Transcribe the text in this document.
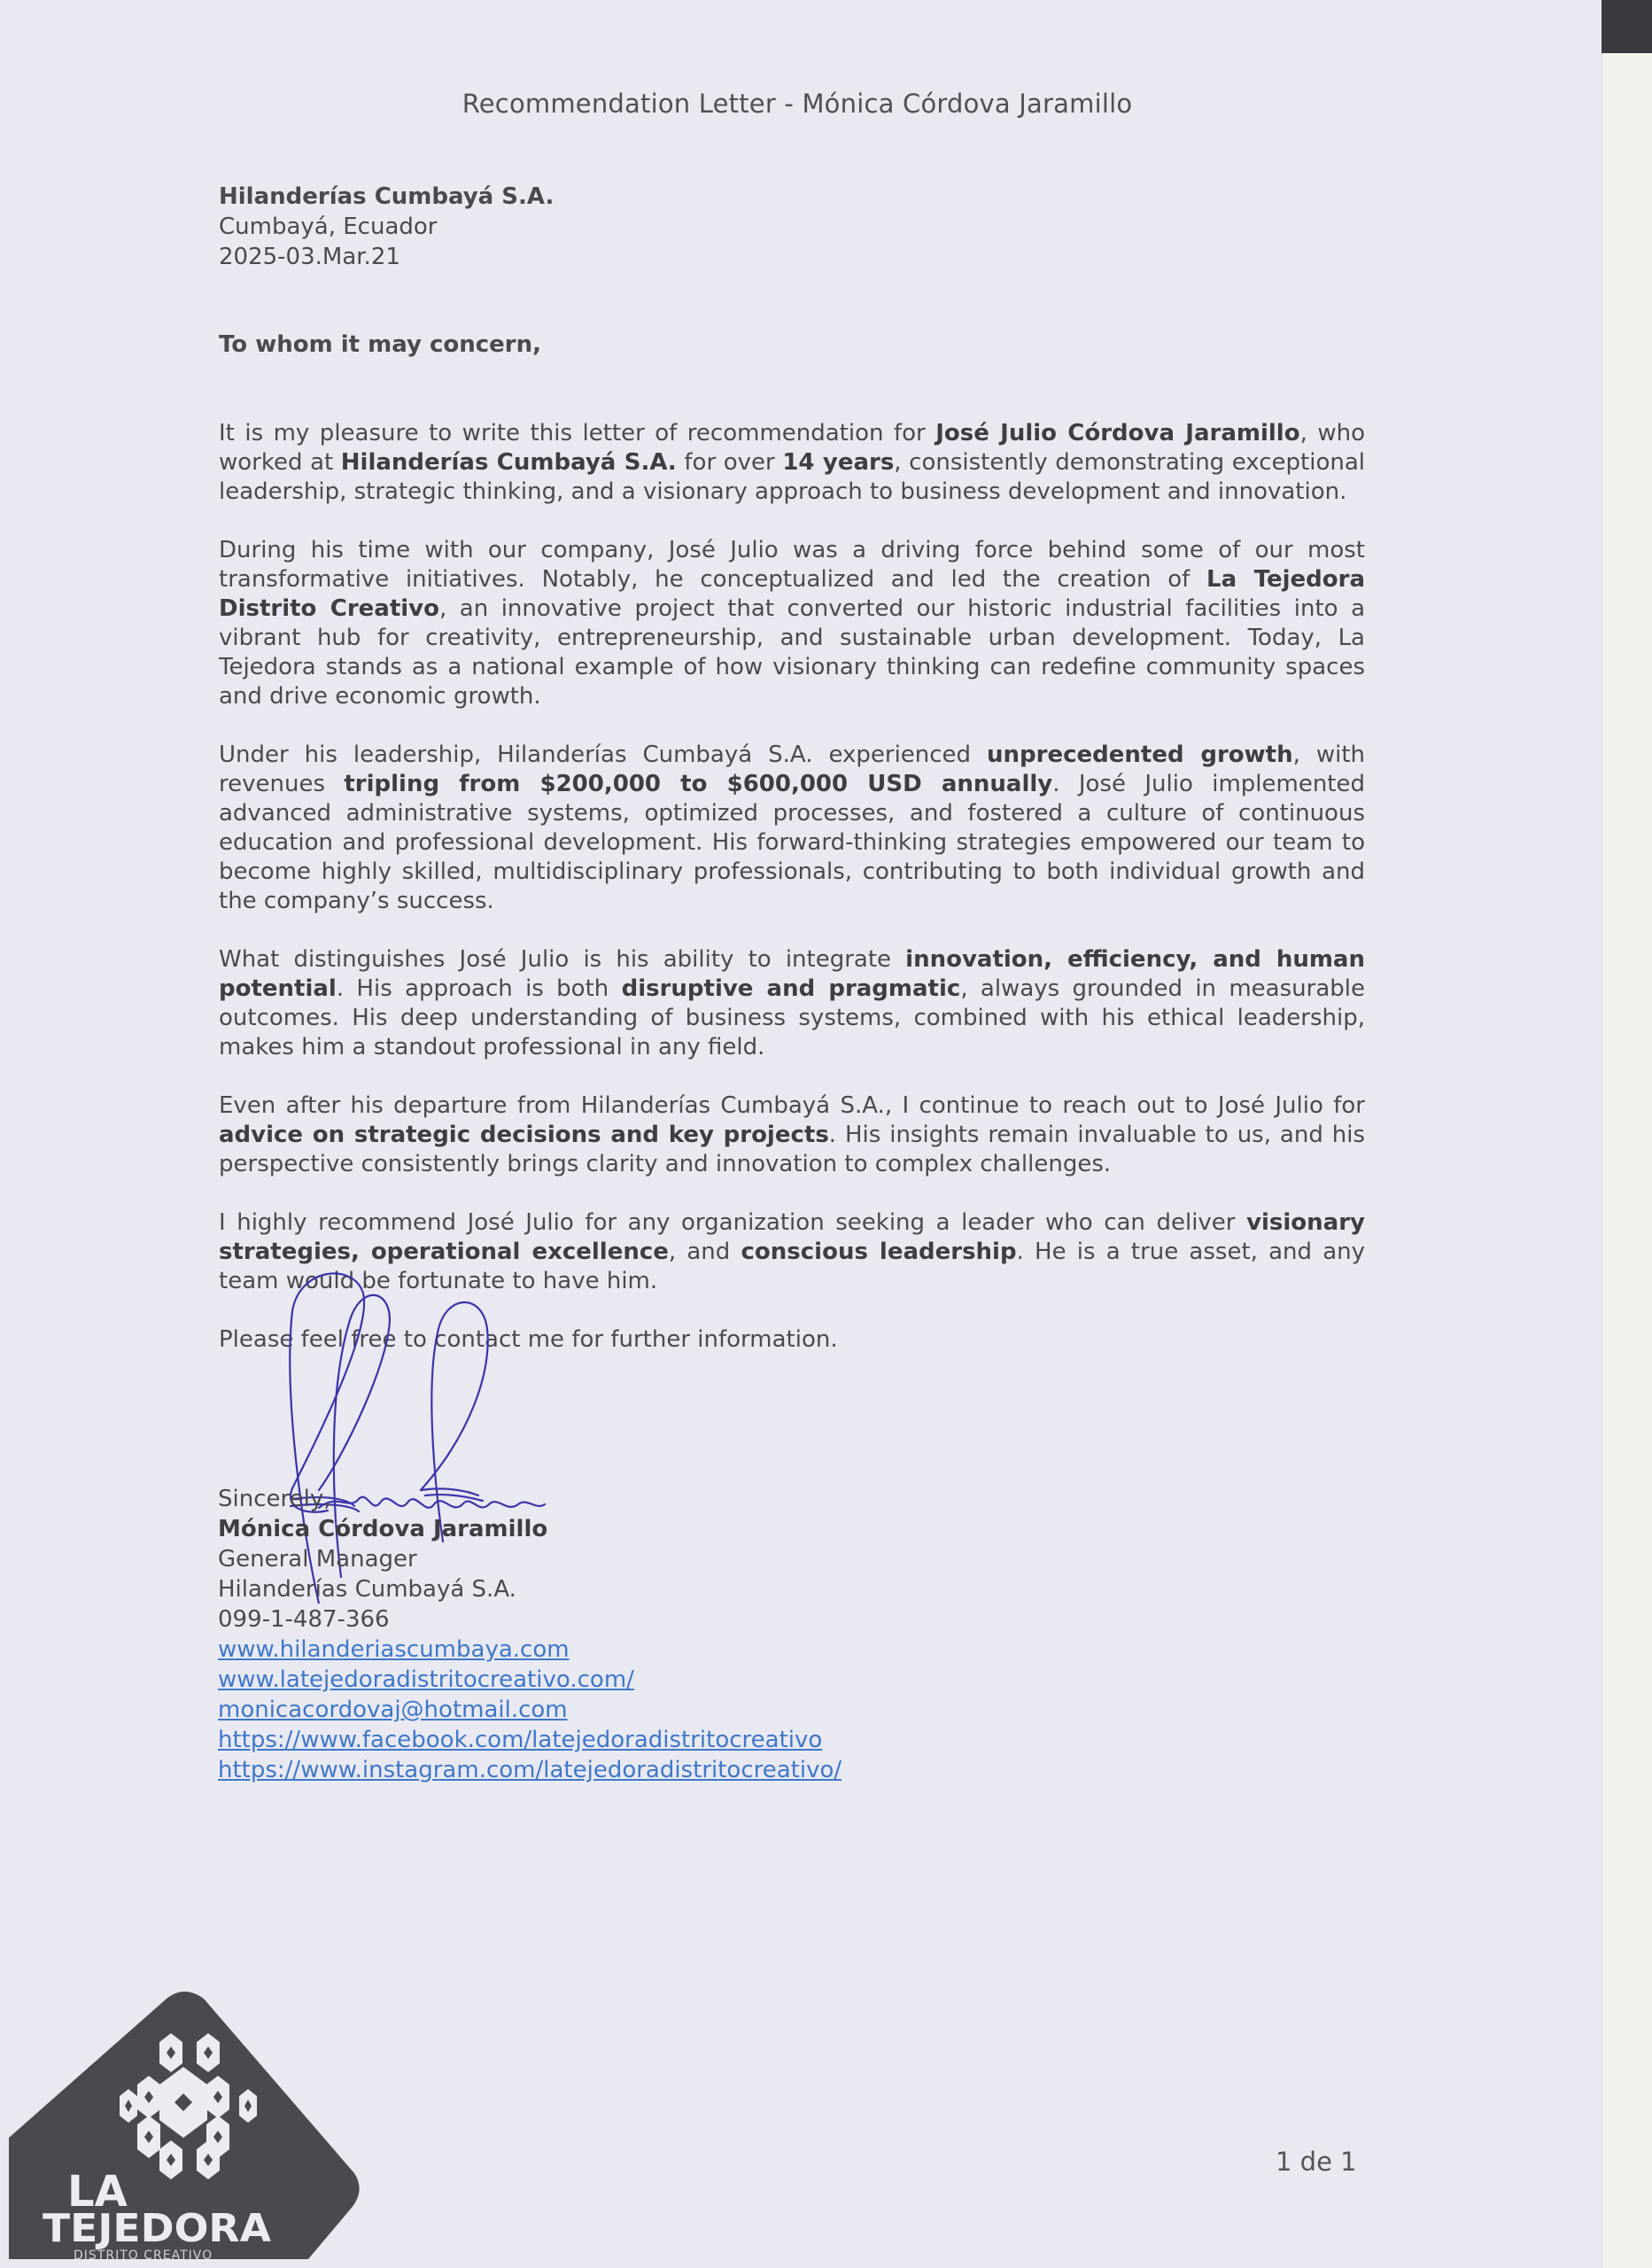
Recommendation Letter - Mónica Córdova Jaramillo
Hilanderías Cumbayá S.A.
Cumbayá, Ecuador
2025-03.Mar.21
To whom it may concern,

It is my pleasure to write this letter of recommendation for José Julio Córdova Jaramillo, who worked at Hilanderías Cumbayá S.A. for over 14 years, consistently demonstrating exceptional leadership, strategic thinking, and a visionary approach to business development and innovation.

During his time with our company, José Julio was a driving force behind some of our most transformative initiatives. Notably, he conceptualized and led the creation of La Tejedora Distrito Creativo, an innovative project that converted our historic industrial facilities into a vibrant hub for creativity, entrepreneurship, and sustainable urban development. Today, La Tejedora stands as a national example of how visionary thinking can redefine community spaces and drive economic growth.

Under his leadership, Hilanderías Cumbayá S.A. experienced unprecedented growth, with revenues tripling from $200,000 to $600,000 USD annually. José Julio implemented advanced administrative systems, optimized processes, and fostered a culture of continuous education and professional development. His forward-thinking strategies empowered our team to become highly skilled, multidisciplinary professionals, contributing to both individual growth and the company’s success.

What distinguishes José Julio is his ability to integrate innovation, efficiency, and human potential. His approach is both disruptive and pragmatic, always grounded in measurable outcomes. His deep understanding of business systems, combined with his ethical leadership, makes him a standout professional in any field.

Even after his departure from Hilanderías Cumbayá S.A., I continue to reach out to José Julio for advice on strategic decisions and key projects. His insights remain invaluable to us, and his perspective consistently brings clarity and innovation to complex challenges.

I highly recommend José Julio for any organization seeking a leader who can deliver visionary strategies, operational excellence, and conscious leadership. He is a true asset, and any team would be fortunate to have him.

Please feel free to contact me for further information.

Sincerely,
Mónica Córdova Jaramillo
General Manager
Hilanderías Cumbayá S.A.
099-1-487-366
www.hilanderiascumbaya.com
www.latejedoradistritocreativo.com/
monicacordovaj@hotmail.com
https://www.facebook.com/latejedoradistritocreativo
https://www.instagram.com/latejedoradistritocreativo/
LA
TEJEDORA
DISTRITO CREATIVO
1 de 1
